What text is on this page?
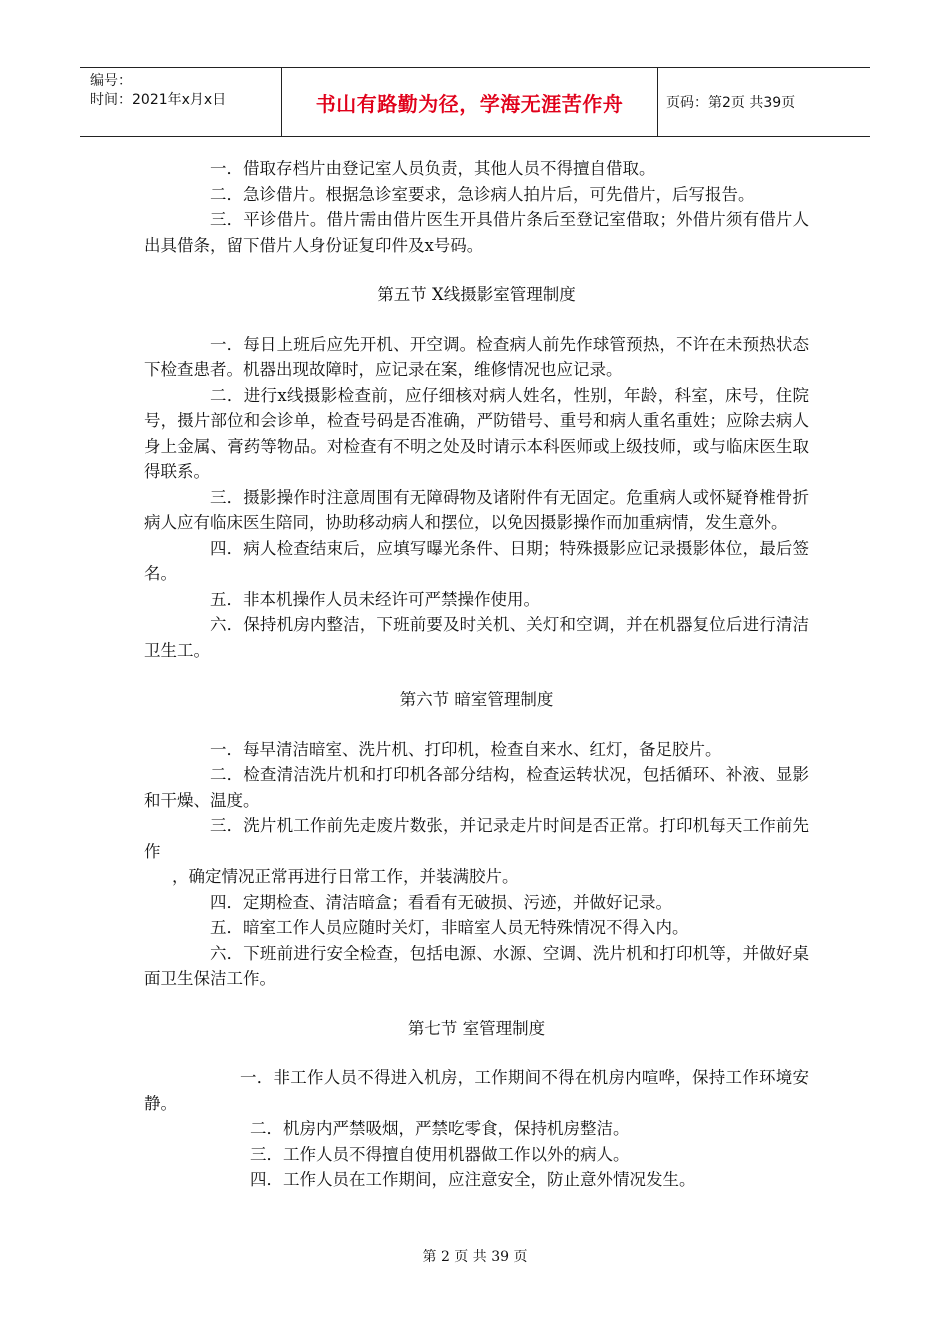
编号：
时间：2021年x月x日	书山有路勤为径，学海无涯苦作舟	页码：第2页 共39页

一．借取存档片由登记室人员负责，其他人员不得擅自借取。

二．急诊借片。根据急诊室要求，急诊病人拍片后，可先借片，后写报告。

三．平诊借片。借片需由借片医生开具借片条后至登记室借取；外借片须有借片人出具借条，留下借片人身份证复印件及x号码。

第五节 X线摄影室管理制度

一．每日上班后应先开机、开空调。检查病人前先作球管预热，不许在未预热状态下检查患者。机器出现故障时，应记录在案，维修情况也应记录。

二．进行x线摄影检查前，应仔细核对病人姓名，性别，年龄，科室，床号，住院号，摄片部位和会诊单，检查号码是否准确，严防错号、重号和病人重名重姓；应除去病人身上金属、膏药等物品。对检查有不明之处及时请示本科医师或上级技师，或与临床医生取得联系。

三．摄影操作时注意周围有无障碍物及诸附件有无固定。危重病人或怀疑脊椎骨折病人应有临床医生陪同，协助移动病人和摆位，以免因摄影操作而加重病情，发生意外。

四．病人检查结束后，应填写曝光条件、日期；特殊摄影应记录摄影体位，最后签名。

五．非本机操作人员未经许可严禁操作使用。

六．保持机房内整洁，下班前要及时关机、关灯和空调，并在机器复位后进行清洁卫生工。

第六节 暗室管理制度

一．每早清洁暗室、洗片机、打印机，检查自来水、红灯，备足胶片。

二．检查清洁洗片机和打印机各部分结构，检查运转状况，包括循环、补液、显影和干燥、温度。

三．洗片机工作前先走废片数张，并记录走片时间是否正常。打印机每天工作前先作

，确定情况正常再进行日常工作，并装满胶片。

四．定期检查、清洁暗盒；看看有无破损、污迹，并做好记录。

五．暗室工作人员应随时关灯，非暗室人员无特殊情况不得入内。

六．下班前进行安全检查，包括电源、水源、空调、洗片机和打印机等，并做好桌面卫生保洁工作。

第七节 室管理制度

一．非工作人员不得进入机房，工作期间不得在机房内喧哗，保持工作环境安静。

二．机房内严禁吸烟，严禁吃零食，保持机房整洁。

三．工作人员不得擅自使用机器做工作以外的病人。

四．工作人员在工作期间，应注意安全，防止意外情况发生。

第 2 页 共 39 页
